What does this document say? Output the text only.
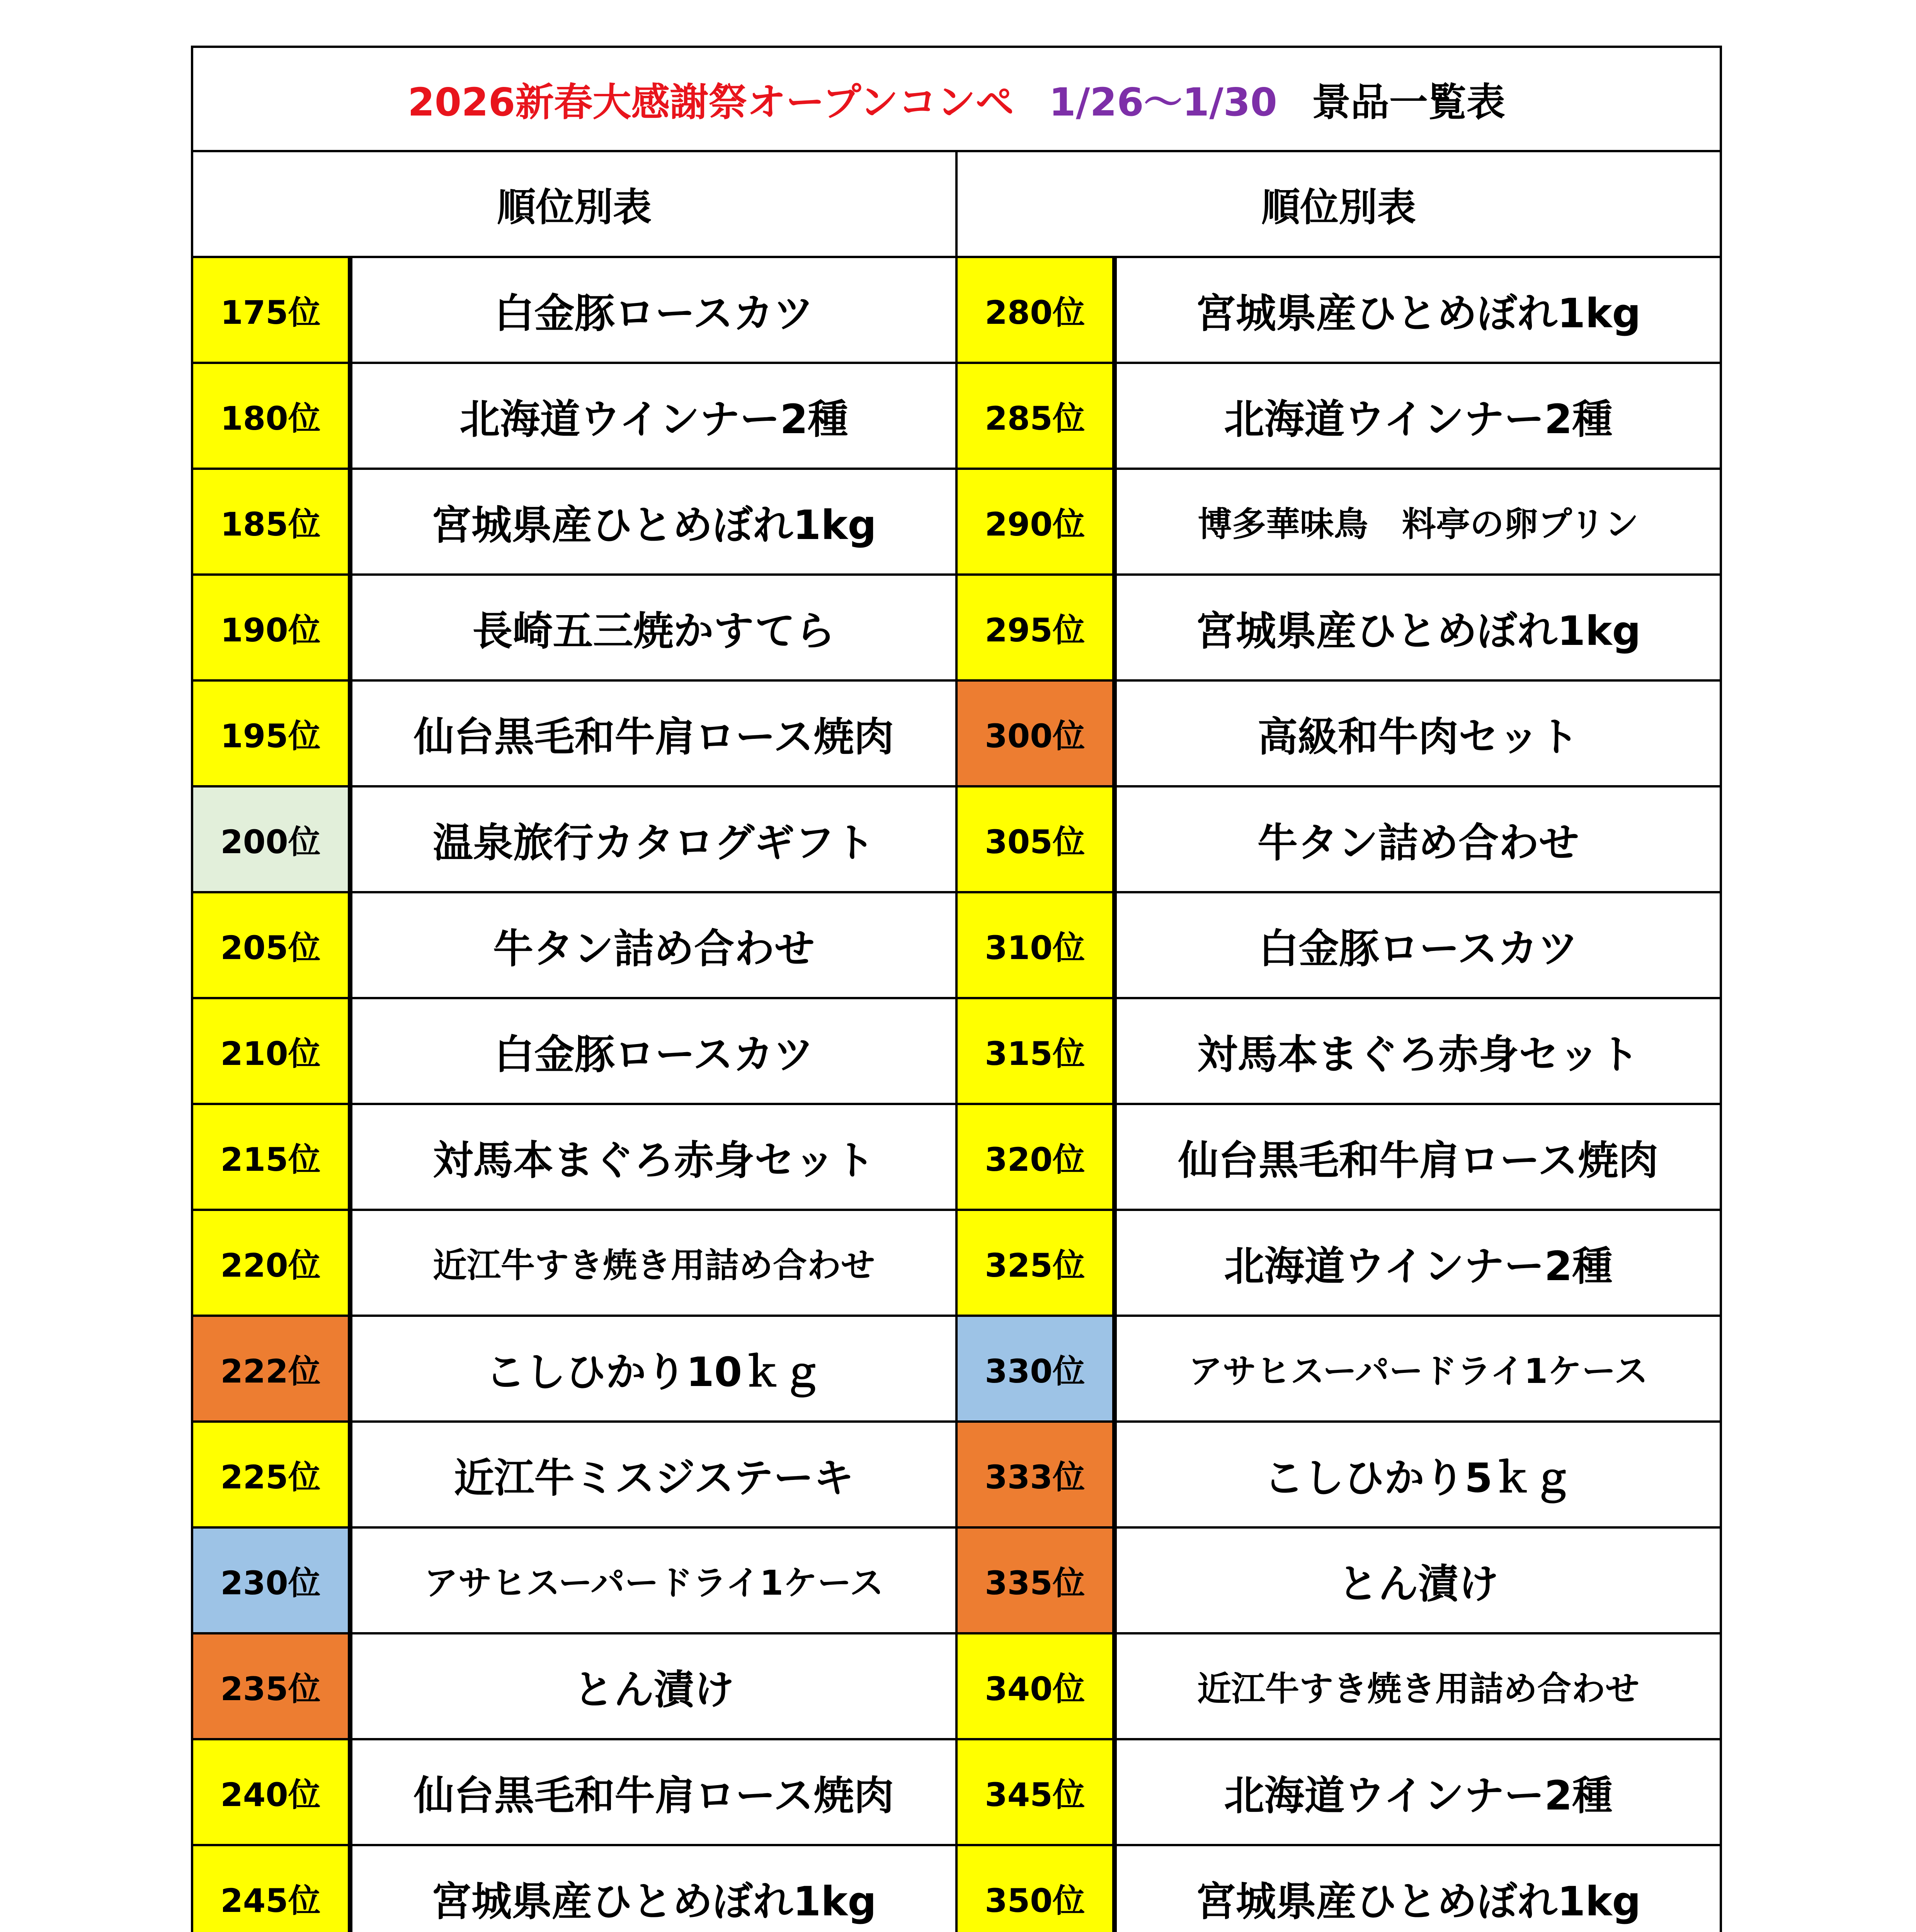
2026新春大感謝祭オープンコンペ 1/26～1/30 景品一覧表
順位別表	順位別表
175位	白金豚ロースカツ
180位	北海道ウインナー2種
185位	宮城県産ひとめぼれ1kg
190位	長崎五三焼かすてら
195位	仙台黒毛和牛肩ロース焼肉
200位	温泉旅行カタログギフト
205位	牛タン詰め合わせ
210位	白金豚ロースカツ
215位	対馬本まぐろ赤身セット
220位	近江牛すき焼き用詰め合わせ
222位	こしひかり10ｋｇ
225位	近江牛ミスジステーキ
230位	アサヒスーパードライ1ケース
235位	とん漬け
240位	仙台黒毛和牛肩ロース焼肉
245位	宮城県産ひとめぼれ1kg
280位	宮城県産ひとめぼれ1kg
285位	北海道ウインナー2種
290位	博多華味鳥　料亭の卵プリン
295位	宮城県産ひとめぼれ1kg
300位	高級和牛肉セット
305位	牛タン詰め合わせ
310位	白金豚ロースカツ
315位	対馬本まぐろ赤身セット
320位	仙台黒毛和牛肩ロース焼肉
325位	北海道ウインナー2種
330位	アサヒスーパードライ1ケース
333位	こしひかり5ｋｇ
335位	とん漬け
340位	近江牛すき焼き用詰め合わせ
345位	北海道ウインナー2種
350位	宮城県産ひとめぼれ1kg
